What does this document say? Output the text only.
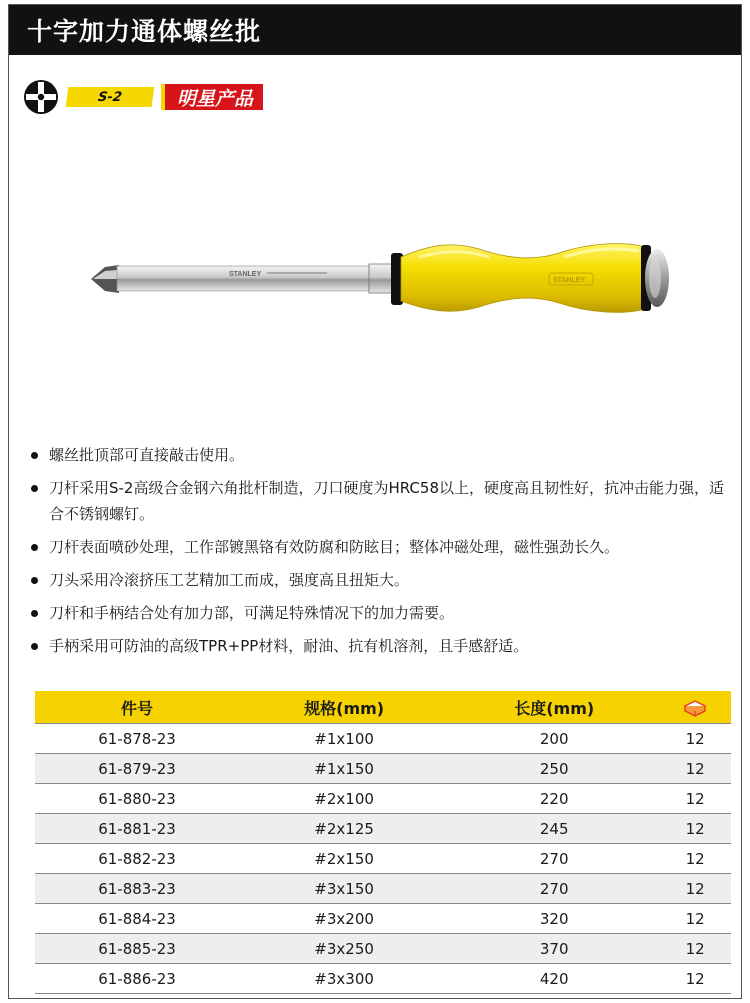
十字加力通体螺丝批
S-2	明星产品
STANLEY
STANLEY
螺丝批顶部可直接敲击使用。
刀杆采用S-2高级合金钢六角批杆制造，刀口硬度为HRC58以上，硬度高且韧性好，抗冲击能力强，适合不锈钢螺钉。
刀杆表面喷砂处理，工作部镀黑铬有效防腐和防眩目；整体冲磁处理，磁性强劲长久。
刀头采用冷滚挤压工艺精加工而成，强度高且扭矩大。
刀杆和手柄结合处有加力部，可满足特殊情况下的加力需要。
手柄采用可防油的高级TPR+PP材料，耐油、抗有机溶剂，且手感舒适。
件号	规格(mm)	长度(mm)	
61-878-23	#1x100	200	12
61-879-23	#1x150	250	12
61-880-23	#2x100	220	12
61-881-23	#2x125	245	12
61-882-23	#2x150	270	12
61-883-23	#3x150	270	12
61-884-23	#3x200	320	12
61-885-23	#3x250	370	12
61-886-23	#3x300	420	12
